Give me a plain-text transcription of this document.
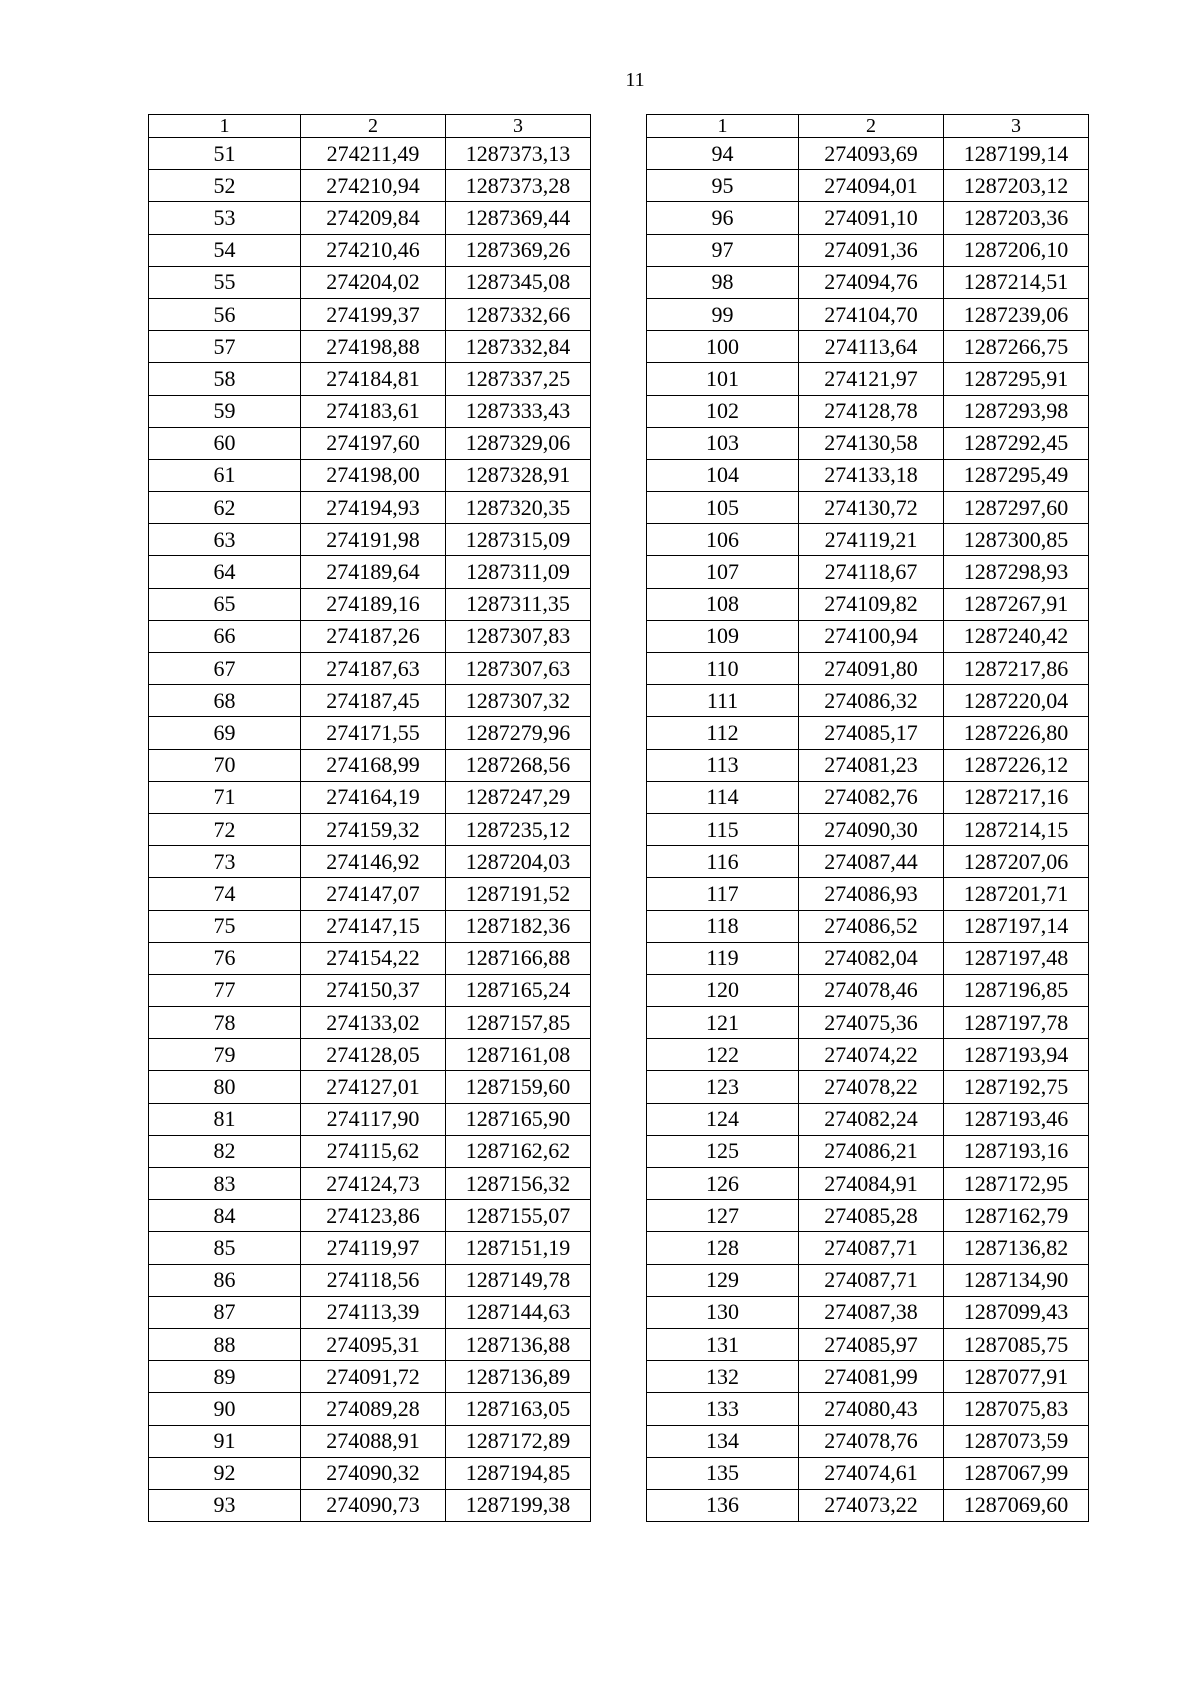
11
1	2	3
51	274211,49	1287373,13
52	274210,94	1287373,28
53	274209,84	1287369,44
54	274210,46	1287369,26
55	274204,02	1287345,08
56	274199,37	1287332,66
57	274198,88	1287332,84
58	274184,81	1287337,25
59	274183,61	1287333,43
60	274197,60	1287329,06
61	274198,00	1287328,91
62	274194,93	1287320,35
63	274191,98	1287315,09
64	274189,64	1287311,09
65	274189,16	1287311,35
66	274187,26	1287307,83
67	274187,63	1287307,63
68	274187,45	1287307,32
69	274171,55	1287279,96
70	274168,99	1287268,56
71	274164,19	1287247,29
72	274159,32	1287235,12
73	274146,92	1287204,03
74	274147,07	1287191,52
75	274147,15	1287182,36
76	274154,22	1287166,88
77	274150,37	1287165,24
78	274133,02	1287157,85
79	274128,05	1287161,08
80	274127,01	1287159,60
81	274117,90	1287165,90
82	274115,62	1287162,62
83	274124,73	1287156,32
84	274123,86	1287155,07
85	274119,97	1287151,19
86	274118,56	1287149,78
87	274113,39	1287144,63
88	274095,31	1287136,88
89	274091,72	1287136,89
90	274089,28	1287163,05
91	274088,91	1287172,89
92	274090,32	1287194,85
93	274090,73	1287199,38
1	2	3
94	274093,69	1287199,14
95	274094,01	1287203,12
96	274091,10	1287203,36
97	274091,36	1287206,10
98	274094,76	1287214,51
99	274104,70	1287239,06
100	274113,64	1287266,75
101	274121,97	1287295,91
102	274128,78	1287293,98
103	274130,58	1287292,45
104	274133,18	1287295,49
105	274130,72	1287297,60
106	274119,21	1287300,85
107	274118,67	1287298,93
108	274109,82	1287267,91
109	274100,94	1287240,42
110	274091,80	1287217,86
111	274086,32	1287220,04
112	274085,17	1287226,80
113	274081,23	1287226,12
114	274082,76	1287217,16
115	274090,30	1287214,15
116	274087,44	1287207,06
117	274086,93	1287201,71
118	274086,52	1287197,14
119	274082,04	1287197,48
120	274078,46	1287196,85
121	274075,36	1287197,78
122	274074,22	1287193,94
123	274078,22	1287192,75
124	274082,24	1287193,46
125	274086,21	1287193,16
126	274084,91	1287172,95
127	274085,28	1287162,79
128	274087,71	1287136,82
129	274087,71	1287134,90
130	274087,38	1287099,43
131	274085,97	1287085,75
132	274081,99	1287077,91
133	274080,43	1287075,83
134	274078,76	1287073,59
135	274074,61	1287067,99
136	274073,22	1287069,60
